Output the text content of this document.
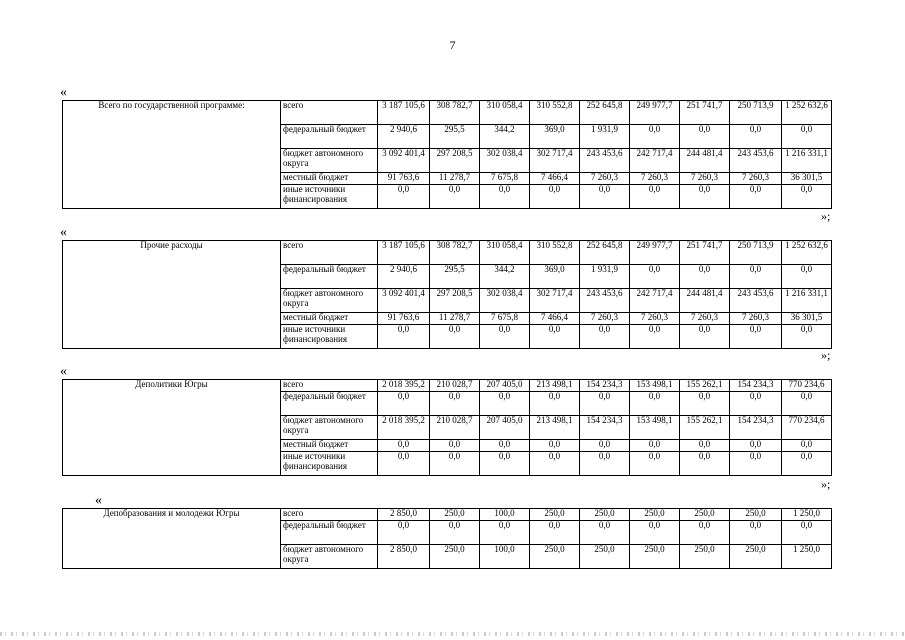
7
«
Всего по государственной программе:	всего	3 187 105,6	308 782,7	310 058,4	310 552,8	252 645,8	249 977,7	251 741,7	250 713,9	1 252 632,6
	федеральный бюджет	2 940,6	295,5	344,2	369,0	1 931,9	0,0	0,0	0,0	0,0
	бюджет автономного округа	3 092 401,4	297 208,5	302 038,4	302 717,4	243 453,6	242 717,4	244 481,4	243 453,6	1 216 331,1
	местный бюджет	91 763,6	11 278,7	7 675,8	7 466,4	7 260,3	7 260,3	7 260,3	7 260,3	36 301,5
	иные источники финансирования	0,0	0,0	0,0	0,0	0,0	0,0	0,0	0,0	0,0
»;
«
Прочие расходы	всего	3 187 105,6	308 782,7	310 058,4	310 552,8	252 645,8	249 977,7	251 741,7	250 713,9	1 252 632,6
	федеральный бюджет	2 940,6	295,5	344,2	369,0	1 931,9	0,0	0,0	0,0	0,0
	бюджет автономного округа	3 092 401,4	297 208,5	302 038,4	302 717,4	243 453,6	242 717,4	244 481,4	243 453,6	1 216 331,1
	местный бюджет	91 763,6	11 278,7	7 675,8	7 466,4	7 260,3	7 260,3	7 260,3	7 260,3	36 301,5
	иные источники финансирования	0,0	0,0	0,0	0,0	0,0	0,0	0,0	0,0	0,0
»;
«
Деполитики Югры	всего	2 018 395,2	210 028,7	207 405,0	213 498,1	154 234,3	153 498,1	155 262,1	154 234,3	770 234,6
	федеральный бюджет	0,0	0,0	0,0	0,0	0,0	0,0	0,0	0,0	0,0
	бюджет автономного округа	2 018 395,2	210 028,7	207 405,0	213 498,1	154 234,3	153 498,1	155 262,1	154 234,3	770 234,6
	местный бюджет	0,0	0,0	0,0	0,0	0,0	0,0	0,0	0,0	0,0
	иные источники финансирования	0,0	0,0	0,0	0,0	0,0	0,0	0,0	0,0	0,0
»;
«
Депобразования и молодежи Югры	всего	2 850,0	250,0	100,0	250,0	250,0	250,0	250,0	250,0	1 250,0
	федеральный бюджет	0,0	0,0	0,0	0,0	0,0	0,0	0,0	0,0	0,0
	бюджет автономного округа	2 850,0	250,0	100,0	250,0	250,0	250,0	250,0	250,0	1 250,0
